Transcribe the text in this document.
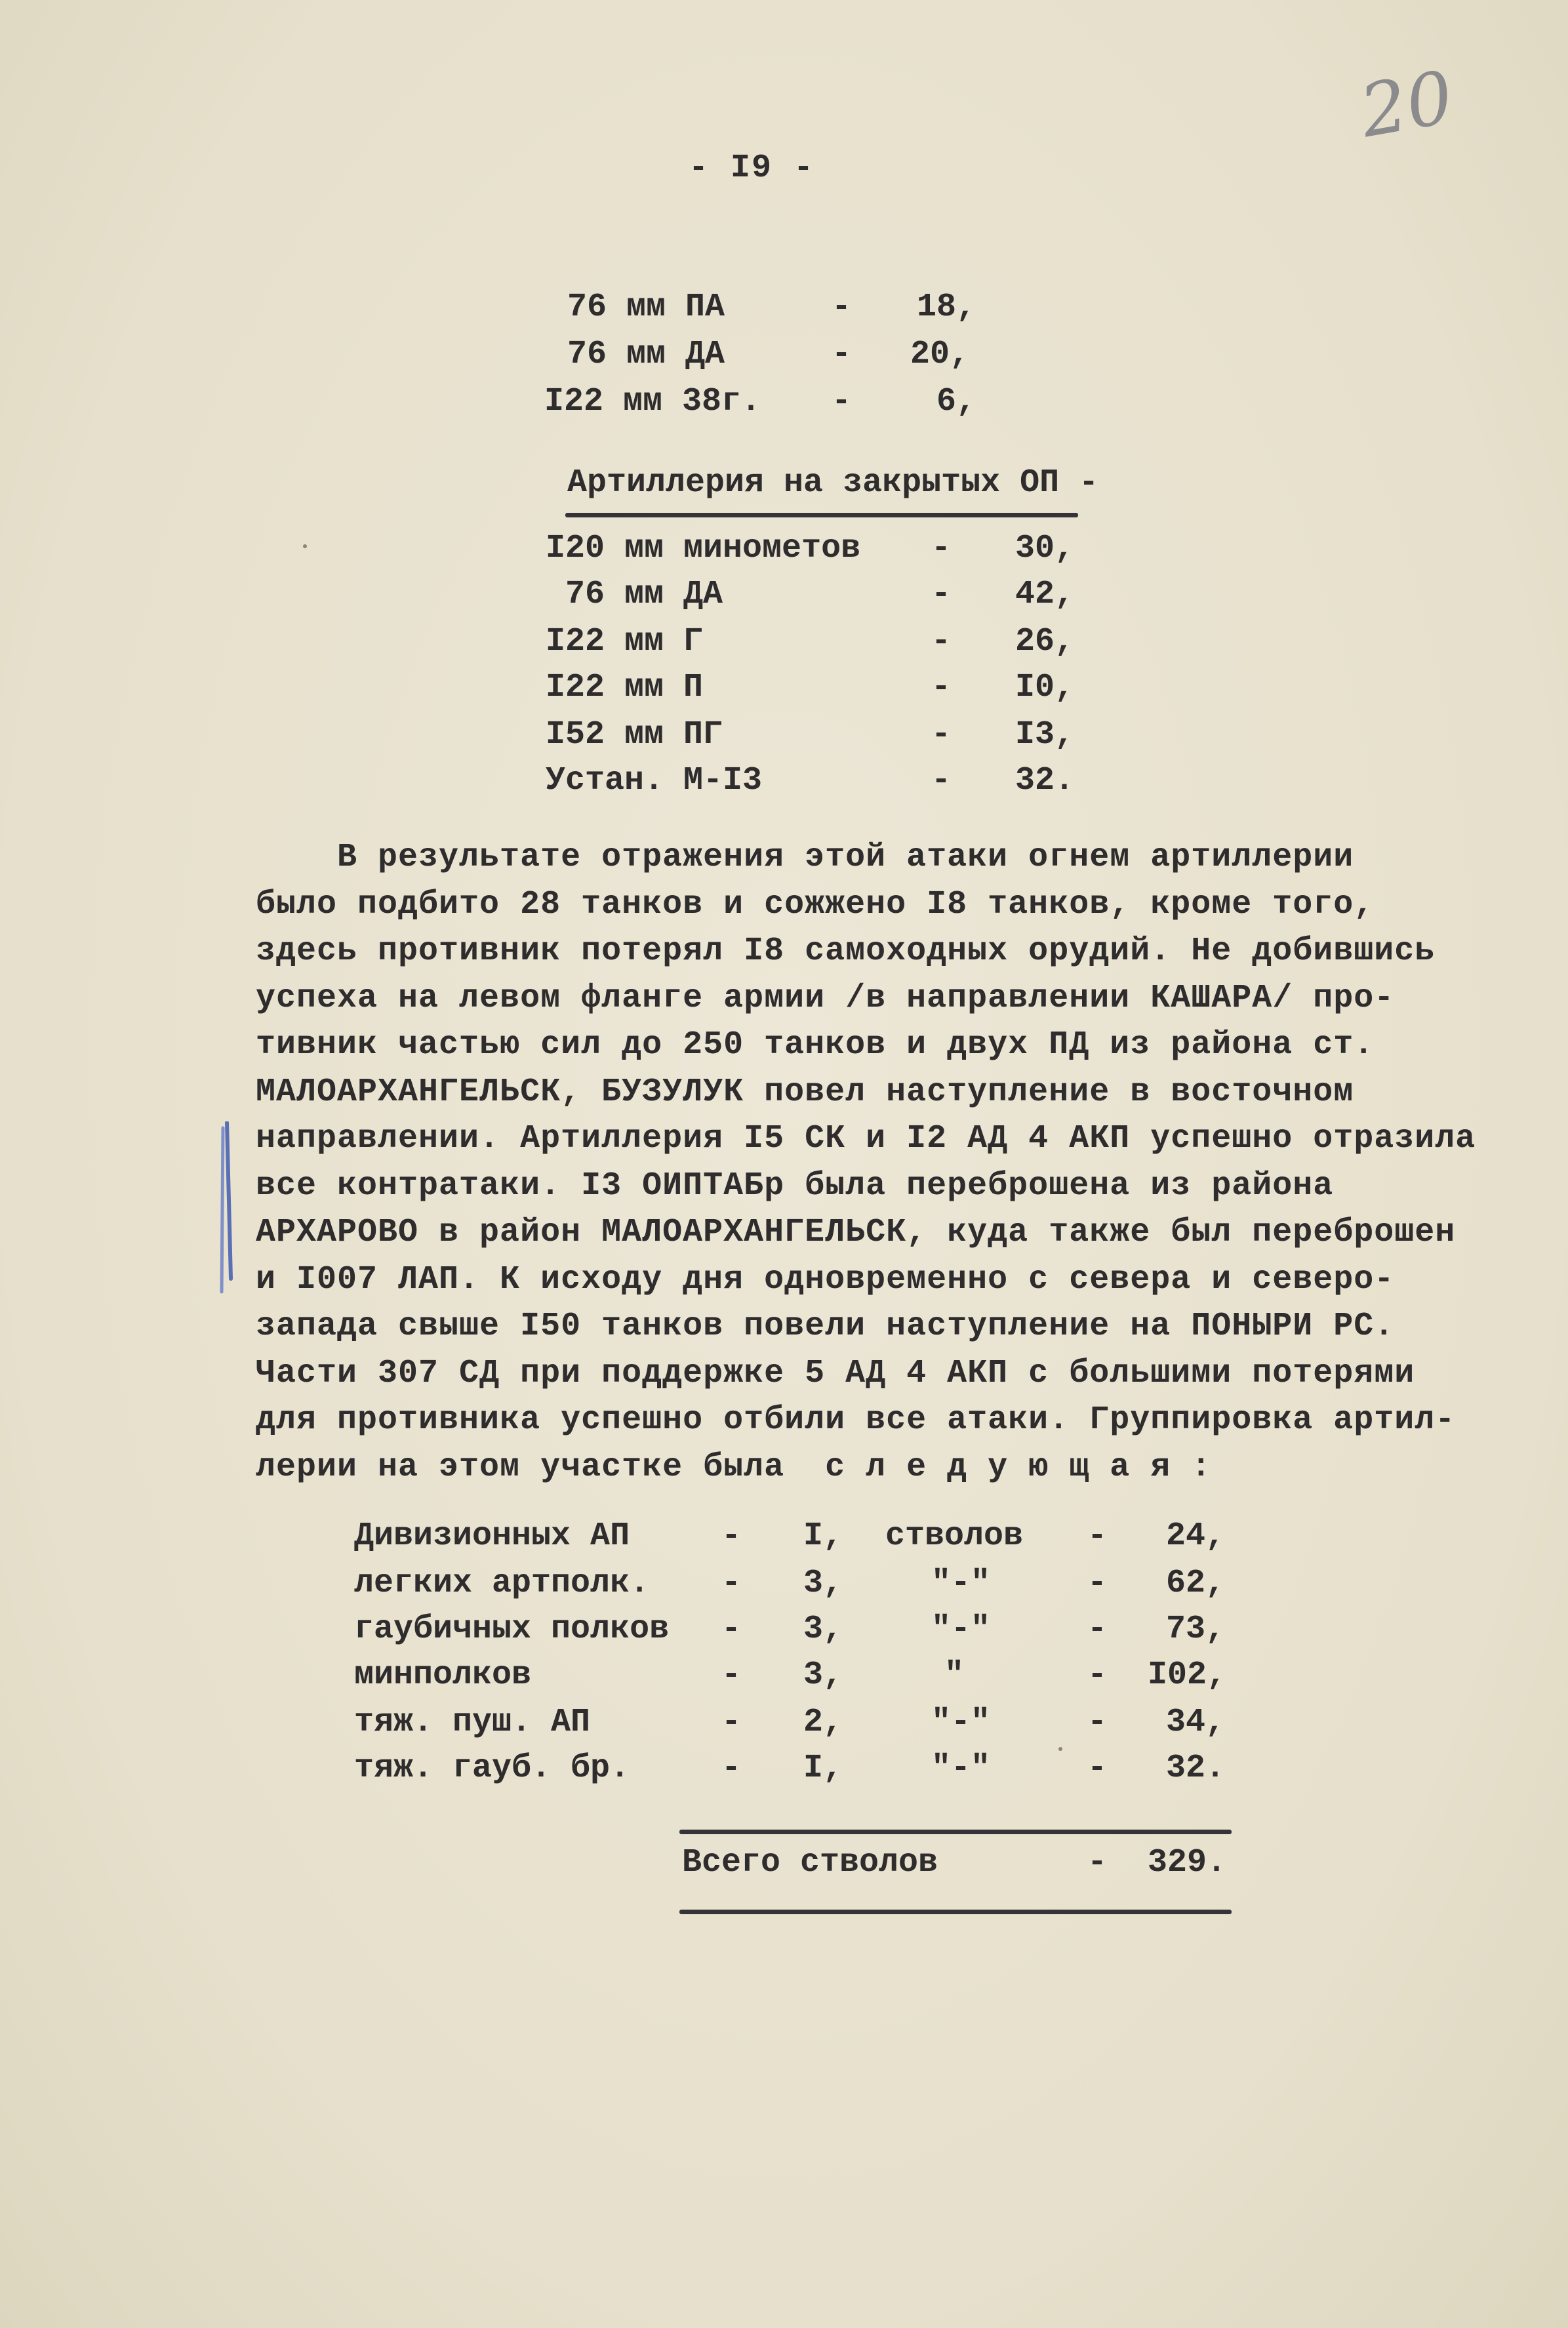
20
- I9 -
76 мм ПА	- 18,
76 мм ДА	- 20,
I22 мм 38г. -	6,
Артиллерия на закрытых ОП -
I20 мм минометов - 30,
76 мм ДА	- 42,
I22 мм Г	- 26,
I22 мм П	- I0,
I52 мм ПГ	- I3,
Устан. М-I3	- 32.
В результате отражения этой атаки огнем артиллерии
было подбито 28 танков и сожжено I8 танков, кроме того,
здесь противник потерял I8 самоходных орудий. Не добившись
успеха на левом фланге армии /в направлении КАШАРА/ про-
тивник частью сил до 250 танков и двух ПД из района ст.
МАЛОАРХАНГЕЛЬСК, БУЗУЛУК повел наступление в восточном
направлении. Артиллерия I5 СК и I2 АД 4 АКП успешно отразила
все контратаки. I3 ОИПТАБр была переброшена из района
АРХАРОВО в район МАЛОАРХАНГЕЛЬСК, куда также был переброшен
и I007 ЛАП. К исходу дня одновременно с севера и северо-
запада свыше I50 танков повели наступление на ПОНЫРИ РС.
Части 307 СД при поддержке 5 АД 4 АКП с большими потерями
для противника успешно отбили все атаки. Группировка артил-
лерии на этом участке была  с л е д у ю щ а я :
Дивизионных АП	- I, стволов - 24,
легких артполк. - 3,	"-"	- 62,
гаубичных полков - 3,	"-"	- 73,
минполков	- 3,	"	- I02,
тяж. пуш. АП	- 2,	"-"	- 34,
тяж. гауб. бр.	- I,	"-"	- 32.
Всего стволов	- 329.
